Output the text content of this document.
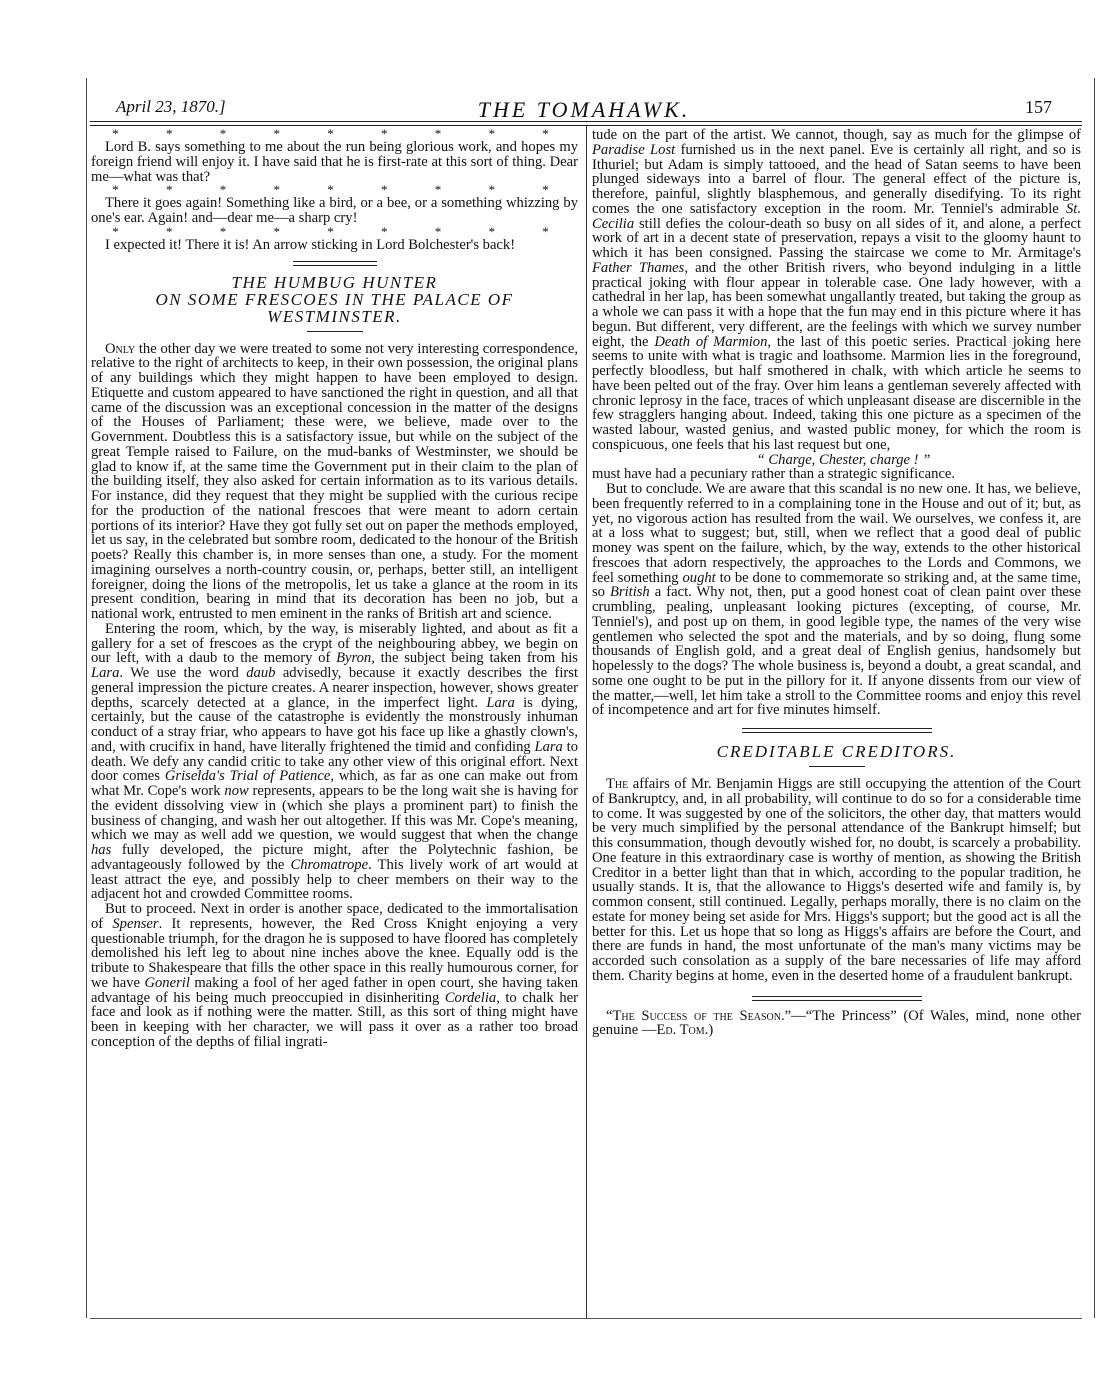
April 23, 1870.]	THE TOMAHAWK.	157

* * * * * * * * *

Lord B. says something to me about the run being glorious work, and hopes my foreign friend will enjoy it. I have said that he is first-rate at this sort of thing. Dear me—what was that?

* * * * * * * * *

There it goes again! Something like a bird, or a bee, or a something whizzing by one's ear. Again! and—dear me—a sharp cry!

* * * * * * * * *

I expected it! There it is! An arrow sticking in Lord Bolchester's back!

THE HUMBUG HUNTER
ON SOME FRESCOES IN THE PALACE OF
WESTMINSTER.

Only the other day we were treated to some not very interesting correspondence, relative to the right of architects to keep, in their own possession, the original plans of any buildings which they might happen to have been employed to design. Etiquette and custom appeared to have sanctioned the right in question, and all that came of the discussion was an exceptional concession in the matter of the designs of the Houses of Parliament; these were, we believe, made over to the Government. Doubtless this is a satisfactory issue, but while on the subject of the great Temple raised to Failure, on the mud-banks of Westminster, we should be glad to know if, at the same time the Government put in their claim to the plan of the building itself, they also asked for certain information as to its various details. For instance, did they request that they might be supplied with the curious recipe for the production of the national frescoes that were meant to adorn certain portions of its interior? Have they got fully set out on paper the methods employed, let us say, in the celebrated but sombre room, dedicated to the honour of the British poets? Really this chamber is, in more senses than one, a study. For the moment imagining ourselves a north-country cousin, or, perhaps, better still, an intelligent foreigner, doing the lions of the metropolis, let us take a glance at the room in its present condition, bearing in mind that its decoration has been no job, but a national work, entrusted to men eminent in the ranks of British art and science.

Entering the room, which, by the way, is miserably lighted, and about as fit a gallery for a set of frescoes as the crypt of the neighbouring abbey, we begin on our left, with a daub to the memory of Byron, the subject being taken from his Lara. We use the word daub advisedly, because it exactly describes the first general impression the picture creates. A nearer inspection, however, shows greater depths, scarcely detected at a glance, in the imperfect light. Lara is dying, certainly, but the cause of the catastrophe is evidently the monstrously inhuman conduct of a stray friar, who appears to have got his face up like a ghastly clown's, and, with crucifix in hand, have literally frightened the timid and confiding Lara to death. We defy any candid critic to take any other view of this original effort. Next door comes Griselda's Trial of Patience, which, as far as one can make out from what Mr. Cope's work now represents, appears to be the long wait she is having for the evident dissolving view in (which she plays a prominent part) to finish the business of changing, and wash her out altogether. If this was Mr. Cope's meaning, which we may as well add we question, we would suggest that when the change has fully developed, the picture might, after the Polytechnic fashion, be advantageously followed by the Chromatrope. This lively work of art would at least attract the eye, and possibly help to cheer members on their way to the adjacent hot and crowded Committee rooms.

But to proceed. Next in order is another space, dedicated to the immortalisation of Spenser. It represents, however, the Red Cross Knight enjoying a very questionable triumph, for the dragon he is supposed to have floored has completely demolished his left leg to about nine inches above the knee. Equally odd is the tribute to Shakespeare that fills the other space in this really humourous corner, for we have Goneril making a fool of her aged father in open court, she having taken advantage of his being much preoccupied in disinheriting Cordelia, to chalk her face and look as if nothing were the matter. Still, as this sort of thing might have been in keeping with her character, we will pass it over as a rather too broad conception of the depths of filial ingrati-

tude on the part of the artist. We cannot, though, say as much for the glimpse of Paradise Lost furnished us in the next panel. Eve is certainly all right, and so is Ithuriel; but Adam is simply tattooed, and the head of Satan seems to have been plunged sideways into a barrel of flour. The general effect of the picture is, therefore, painful, slightly blasphemous, and generally disedifying. To its right comes the one satisfactory exception in the room. Mr. Tenniel's admirable St. Cecilia still defies the colour-death so busy on all sides of it, and alone, a perfect work of art in a decent state of preservation, repays a visit to the gloomy haunt to which it has been consigned. Passing the staircase we come to Mr. Armitage's Father Thames, and the other British rivers, who beyond indulging in a little practical joking with flour appear in tolerable case. One lady however, with a cathedral in her lap, has been somewhat ungallantly treated, but taking the group as a whole we can pass it with a hope that the fun may end in this picture where it has begun. But different, very different, are the feelings with which we survey number eight, the Death of Marmion, the last of this poetic series. Practical joking here seems to unite with what is tragic and loathsome. Marmion lies in the foreground, perfectly bloodless, but half smothered in chalk, with which article he seems to have been pelted out of the fray. Over him leans a gentleman severely affected with chronic leprosy in the face, traces of which unpleasant disease are discernible in the few stragglers hanging about. Indeed, taking this one picture as a specimen of the wasted labour, wasted genius, and wasted public money, for which the room is conspicuous, one feels that his last request but one,

“ Charge, Chester, charge ! ”

must have had a pecuniary rather than a strategic significance.

But to conclude. We are aware that this scandal is no new one. It has, we believe, been frequently referred to in a complaining tone in the House and out of it; but, as yet, no vigorous action has resulted from the wail. We ourselves, we confess it, are at a loss what to suggest; but, still, when we reflect that a good deal of public money was spent on the failure, which, by the way, extends to the other historical frescoes that adorn respectively, the approaches to the Lords and Commons, we feel something ought to be done to commemorate so striking and, at the same time, so British a fact. Why not, then, put a good honest coat of clean paint over these crumbling, pealing, unpleasant looking pictures (excepting, of course, Mr. Tenniel's), and post up on them, in good legible type, the names of the very wise gentlemen who selected the spot and the materials, and by so doing, flung some thousands of English gold, and a great deal of English genius, handsomely but hopelessly to the dogs? The whole business is, beyond a doubt, a great scandal, and some one ought to be put in the pillory for it. If anyone dissents from our view of the matter,—well, let him take a stroll to the Committee rooms and enjoy this revel of incompetence and art for five minutes himself.

CREDITABLE CREDITORS.

The affairs of Mr. Benjamin Higgs are still occupying the attention of the Court of Bankruptcy, and, in all probability, will continue to do so for a considerable time to come. It was suggested by one of the solicitors, the other day, that matters would be very much simplified by the personal attendance of the Bankrupt himself; but this consummation, though devoutly wished for, no doubt, is scarcely a probability. One feature in this extraordinary case is worthy of mention, as showing the British Creditor in a better light than that in which, according to the popular tradition, he usually stands. It is, that the allowance to Higgs's deserted wife and family is, by common consent, still continued. Legally, perhaps morally, there is no claim on the estate for money being set aside for Mrs. Higgs's support; but the good act is all the better for this. Let us hope that so long as Higgs's affairs are before the Court, and there are funds in hand, the most unfortunate of the man's many victims may be accorded such consolation as a supply of the bare necessaries of life may afford them. Charity begins at home, even in the deserted home of a fraudulent bankrupt.

“The Success of the Season.”—“The Princess” (Of Wales, mind, none other genuine —Ed. Tom.)
